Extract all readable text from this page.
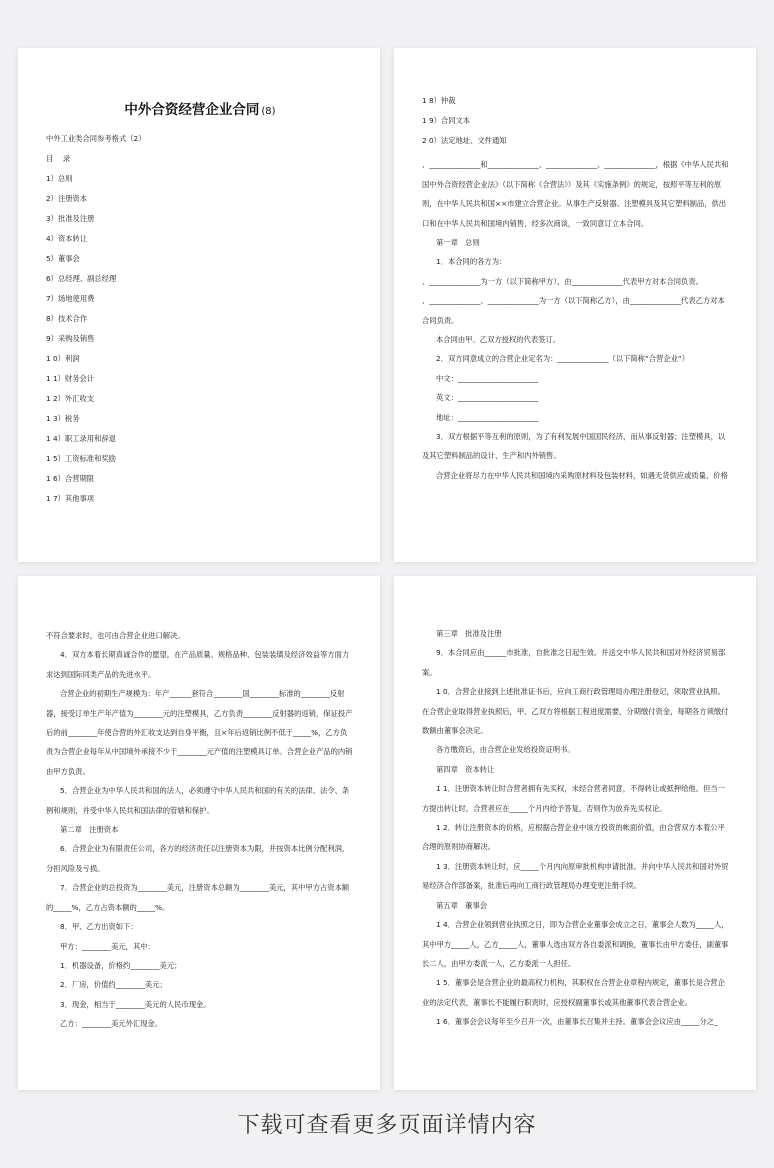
中外合资经营企业合同 (8)
中外工业类合同参考格式（2）
目　 录
1）总则
2）注册资本
3）批准及注册
4）资本转让
5）董事会
6）总经理、副总经理
7）场地使用费
8）技术合作
9）采购及销售
1 0）利润
1 1）财务会计
1 2）外汇收支
1 3）税务
1 4）职工录用和辞退
1 5）工资标准和奖励
1 6）合营期限
1 7）其他事项
1 8）仲裁
1 9）合同文本
2 0）法定地址、文件通知
、______________和______________、______________、______________，根据《中华人民共和国中外合资经营企业法》（以下简称《合营法》）及其《实施条例》的规定，按照平等互利的原则，在中华人民共和国××市建立合营企业。从事生产反射器、注塑模具及其它塑料制品，供出口和在中华人民共和国境内销售，经多次商谈，一致同意订立本合同。
第一章　总则
1．本合同的各方为：
、______________为一方（以下简称甲方），由______________代表甲方对本合同负责。
、______________、______________为一方（以下简称乙方），由______________代表乙方对本合同负责。
本合同由甲、乙双方授权的代表签订。
2．双方同意成立的合营企业定名为：______________（以下简称“合营企业”）
中文：______________________
英文：______________________
地址：______________________
3．双方根据平等互利的原则，为了有利发展中国国民经济，而从事反射器；注塑模具，以及其它塑料制品的设计、生产和内外销售。
合营企业将尽力在中华人民共和国境内采购原材料及包装材料，如遇无货供应或质量、价格
不符合要求时，也可由合营企业进口解决。
4．双方本着长期真诚合作的愿望，在产品质量、规格品种、包装装璜及经济效益等方面力求达到国际同类产品的先进水平。
合营企业的初期生产规模为：年产______套符合________国________标准的________反射器，接受订单生产年产值为________元的注塑模具，乙方负责________反射器的返销，保证投产后的前________年使合营的外汇收支达到自身平衡，且×年后返销比例不低于_____%，乙方负责为合营企业每年从中国境外承接不少于________元产值的注塑模具订单。合营企业产品的内销由甲方负责。
5．合营企业为中华人民共和国的法人，必须遵守中华人民共和国的有关的法律、法令、条例和规则，并受中华人民共和国法律的管辖和保护。
第二章　注册资本
6．合营企业为有限责任公司，各方的经济责任以注册资本为限，并按资本比例分配利润，分担风险及亏损。
7．合营企业的总投资为________美元，注册资本总额为________美元，其中甲方占资本额的_____%，乙方占资本额的_____%。
8．甲、乙方出资如下：
甲方：________美元，其中：
1．机器设备，价格约________美元；
2．厂房，价值约________美元；
3．现金，相当于________美元的人民币现金。
乙方：________美元外汇现金。
第三章　批准及注册
9．本合同应由______市批准，自批准之日起生效。并送交中华人民共和国对外经济贸易部案。
1 0．合营企业接到上述批准证书后，应向工商行政管理局办理注册登记，领取营业执照。在合营企业取得营业执照后，甲、乙双方将根据工程进度需要，分期缴付资金，每期各方须缴付数额由董事会决定。
各方缴资后，由合营企业发给投资证明书。
第四章　资本转让
1 1．注册资本转让时合营者拥有先买权，未经合营者同意，不得转让或抵押给他。但当一方提出转让时，合营者应在_____个月内给予答复，否则作为放弃先买权论。
1 2．转让注册资本的价格，应根据合营企业中该方投资的帐面价值，由合营双方本着公平合理的原则协商解决。
1 3．注册资本转让时，应_____个月内向原审批机构申请批准。并向中华人民共和国对外贸易经济合作部备案，批准后再向工商行政管理局办理变更注册手续。
第五章　董事会
1 4．合营企业领到营业执照之日，即为合营企业董事会成立之日，董事会人数为_____人，其中甲方_____人，乙方_____人，董事人选由双方各自委派和调换，董事长由甲方委任，副董事长二人，由甲方委派一人，乙方委派一人担任。
1 5．董事会是合营企业的最高权力机构，其职权在合营企业章程内规定，董事长是合营企业的法定代表，董事长不能履行职责时，应授权副董事长或其他董事代表合营企业。
1 6．董事会会议每年至少召开一次，由董事长召集并主持。董事会会议应由_____分之_
下载可查看更多页面详情内容
